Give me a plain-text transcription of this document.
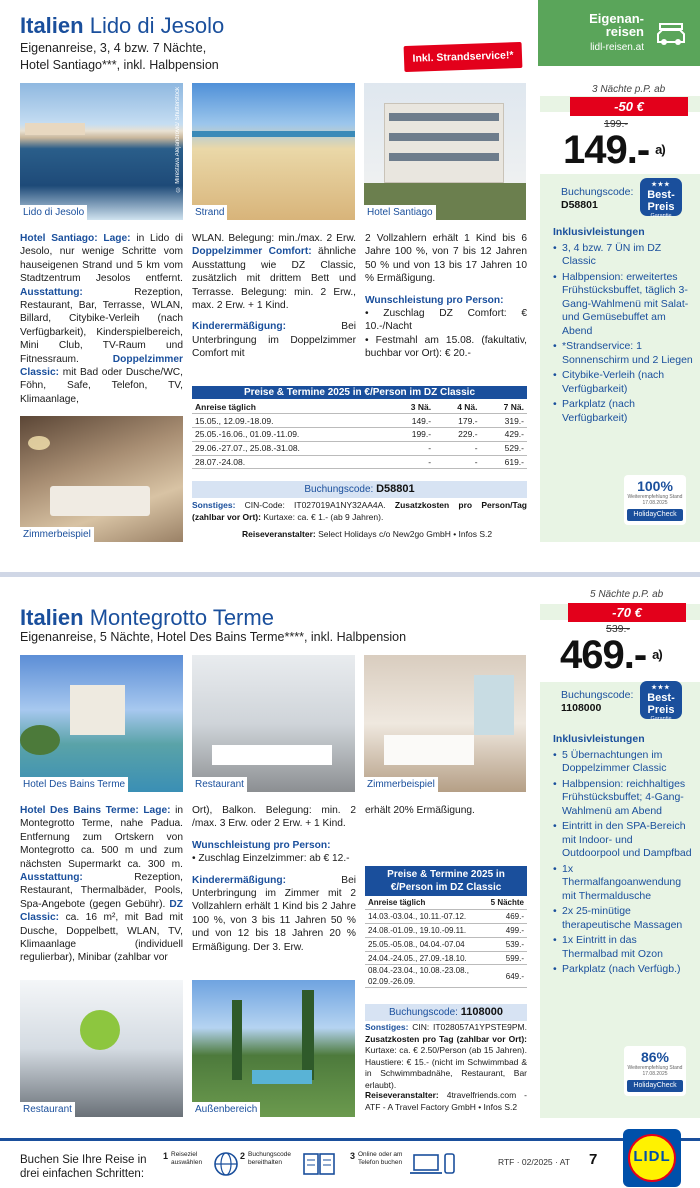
Italien Lido di Jesolo
Eigenanreise, 3, 4 bzw. 7 Nächte,
Hotel Santiago***, inkl. Halbpension
Inkl. Strandservice!*
Eigenan-
reisen
lidl-reisen.at
Lido di Jesolo
© Mirestava Alejandrovic/ Shutterstock
Strand	Hotel Santiago
Hotel Santiago: Lage: in Lido di Jesolo, nur wenige Schritte vom hauseigenen Strand und 5 km vom Stadtzentrum Jesolos entfernt. Ausstattung: Rezeption, Restaurant, Bar, Terrasse, WLAN, Billard, Citybike-Verleih (nach Verfügbarkeit), Kinderspielbereich, Mini Club, TV-Raum und Fitnessraum. Doppelzimmer Classic: mit Bad oder Dusche/WC, Föhn, Safe, Telefon, TV, Klimaanlage,
WLAN. Belegung: min./max. 2 Erw. Doppelzimmer Comfort: ähnliche Ausstattung wie DZ Classic, zusätzlich mit drittem Bett und Terrasse. Belegung: min. 2 Erw., max. 2 Erw. + 1 Kind.
Kinderermäßigung: Bei Unterbringung im Doppelzimmer Comfort mit
2 Vollzahlern erhält 1 Kind bis 6 Jahre 100 %, von 7 bis 12 Jahren 50 % und von 13 bis 17 Jahren 10 % Ermäßigung.
Wunschleistung pro Person:
• Zuschlag DZ Comfort: € 10.-/Nacht
• Festmahl am 15.08. (fakultativ, buchbar vor Ort): € 20.-
Zimmerbeispiel
Preise & Termine 2025 in €/Person im DZ Classic
Anreise täglich	3 Nä.	4 Nä.	7 Nä.
15.05., 12.09.-18.09.	149.-	179.-	319.-
25.05.-16.06., 01.09.-11.09.	199.-	229.-	429.-
29.06.-27.07., 25.08.-31.08.	-	-	529.-
28.07.-24.08.	-	-	619.-
Buchungscode: D58801
Sonstiges: CIN-Code: IT027019A1NY32AA4A. Zusatzkosten pro Person/Tag (zahlbar vor Ort): Kurtaxe: ca. € 1.- (ab 9 Jahren).
Reiseveranstalter: Select Holidays c/o New2go GmbH • Infos S.2
3 Nächte p.P. ab
-50 €
199.-
149.- $^{a)}$
Buchungscode:
D58801
★★★
Best-
Preis
Garantie
Inklusivleistungen
• 3, 4 bzw. 7 ÜN im DZ Classic
• Halbpension: erweitertes Frühstücksbuffet, täglich 3-Gang-Wahlmenü mit Salat- und Gemüsebuffet am Abend
• *Strandservice: 1 Sonnenschirm und 2 Liegen
• Citybike-Verleih (nach Verfügbarkeit)
• Parkplatz (nach Verfügbarkeit)
100%
Weiterempfehlung Stand 17.08.2025
HolidayCheck
Italien Montegrotto Terme
Eigenanreise, 5 Nächte, Hotel Des Bains Terme****, inkl. Halbpension
Hotel Des Bains Terme	Restaurant	Zimmerbeispiel
Hotel Des Bains Terme: Lage: in Montegrotto Terme, nahe Padua. Entfernung zum Ortskern von Montegrotto ca. 500 m und zum nächsten Supermarkt ca. 300 m. Ausstattung: Rezeption, Restaurant, Thermalbäder, Pools, Spa-Angebote (gegen Gebühr). DZ Classic: ca. 16 m², mit Bad mit Dusche, Doppelbett, WLAN, TV, Klimaanlage (individuell regulierbar), Minibar (zahlbar vor
Ort), Balkon. Belegung: min. 2 /max. 3 Erw. oder 2 Erw. + 1 Kind.
Wunschleistung pro Person:
• Zuschlag Einzelzimmer: ab € 12.-
Kinderermäßigung: Bei Unterbringung im Zimmer mit 2 Vollzahlern erhält 1 Kind bis 2 Jahre 100 %, von 3 bis 11 Jahren 50 % und von 12 bis 18 Jahren 20 % Ermäßigung. Der 3. Erw.
erhält 20% Ermäßigung.
Restaurant	Außenbereich
Preise & Termine 2025 in €/Person im DZ Classic
Anreise täglich	5 Nächte
14.03.-03.04., 10.11.-07.12.	469.-
24.08.-01.09., 19.10.-09.11.	499.-
25.05.-05.08., 04.04.-07.04	539.-
24.04.-24.05., 27.09.-18.10.	599.-
08.04.-23.04., 10.08.-23.08., 02.09.-26.09.	649.-
Buchungscode: 1108000
Sonstiges: CIN: IT028057A1YPSTE9PM. Zusatzkosten pro Tag (zahlbar vor Ort): Kurtaxe: ca. € 2.50/Person (ab 15 Jahren). Haustiere: € 15.- (nicht im Schwimmbad & in Schwimmbadnähe, Restaurant, Bar erlaubt).
Reiseveranstalter: 4travelfriends.com - ATF - A Travel Factory GmbH • Infos S.2
5 Nächte p.P. ab
-70 €
539.-
469.- $^{a)}$
Buchungscode:
1108000
★★★
Best-
Preis
Garantie
Inklusivleistungen
• 5 Übernachtungen im Doppelzimmer Classic
• Halbpension: reichhaltiges Frühstücksbuffet; 4-Gang-Wahlmenü am Abend
• Eintritt in den SPA-Bereich mit Indoor- und Outdoorpool und Dampfbad
• 1x Thermalfangoanwendung mit Thermaldusche
• 2x 25-minütige therapeutische Massagen
• 1x Eintritt in das Thermalbad mit Ozon
• Parkplatz (nach Verfügb.)
86%
Weiterempfehlung Stand 17.08.2025
HolidayCheck
Buchen Sie Ihre Reise in
drei einfachen Schritten:
1 Reiseziel
auswählen
2 Buchungscode
bereithalten
3 Online oder am
Telefon buchen	RTF · 02/2025 · AT 7	LIDL
